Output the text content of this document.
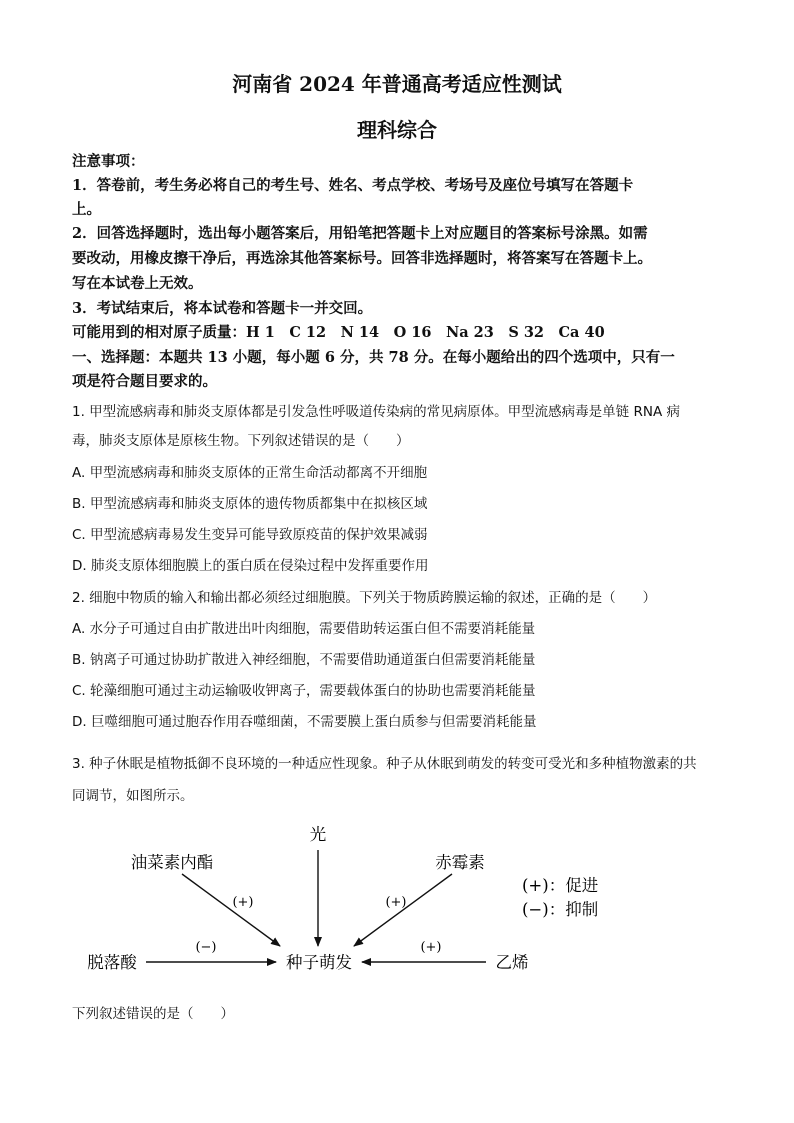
河南省 2024 年普通高考适应性测试
理科综合
注意事项：
1．答卷前，考生务必将自己的考生号、姓名、考点学校、考场号及座位号填写在答题卡
上。
2．回答选择题时，选出每小题答案后，用铅笔把答题卡上对应题目的答案标号涂黑。如需
要改动，用橡皮擦干净后，再选涂其他答案标号。回答非选择题时，将答案写在答题卡上。
写在本试卷上无效。
3．考试结束后，将本试卷和答题卡一并交回。
可能用到的相对原子质量：H 1　C 12　N 14　O 16　Na 23　S 32　Ca 40
一、选择题：本题共 13 小题，每小题 6 分，共 78 分。在每小题给出的四个选项中，只有一
项是符合题目要求的。
1. 甲型流感病毒和肺炎支原体都是引发急性呼吸道传染病的常见病原体。甲型流感病毒是单链 RNA 病
毒，肺炎支原体是原核生物。下列叙述错误的是（　　）
A. 甲型流感病毒和肺炎支原体的正常生命活动都离不开细胞
B. 甲型流感病毒和肺炎支原体的遗传物质都集中在拟核区域
C. 甲型流感病毒易发生变异可能导致原疫苗的保护效果减弱
D. 肺炎支原体细胞膜上的蛋白质在侵染过程中发挥重要作用
2. 细胞中物质的输入和输出都必须经过细胞膜。下列关于物质跨膜运输的叙述，正确的是（　　）
A. 水分子可通过自由扩散进出叶肉细胞，需要借助转运蛋白但不需要消耗能量
B. 钠离子可通过协助扩散进入神经细胞，不需要借助通道蛋白但需要消耗能量
C. 轮藻细胞可通过主动运输吸收钾离子，需要载体蛋白的协助也需要消耗能量
D. 巨噬细胞可通过胞吞作用吞噬细菌，不需要膜上蛋白质参与但需要消耗能量
3. 种子休眠是植物抵御不良环境的一种适应性现象。种子从休眠到萌发的转变可受光和多种植物激素的共
同调节，如图所示。
光
油菜素内酯	赤霉素
脱落酸	种子萌发	乙烯
(+)	(+)
(−)	(+)
(+)：促进
(−)：抑制
下列叙述错误的是（　　）
